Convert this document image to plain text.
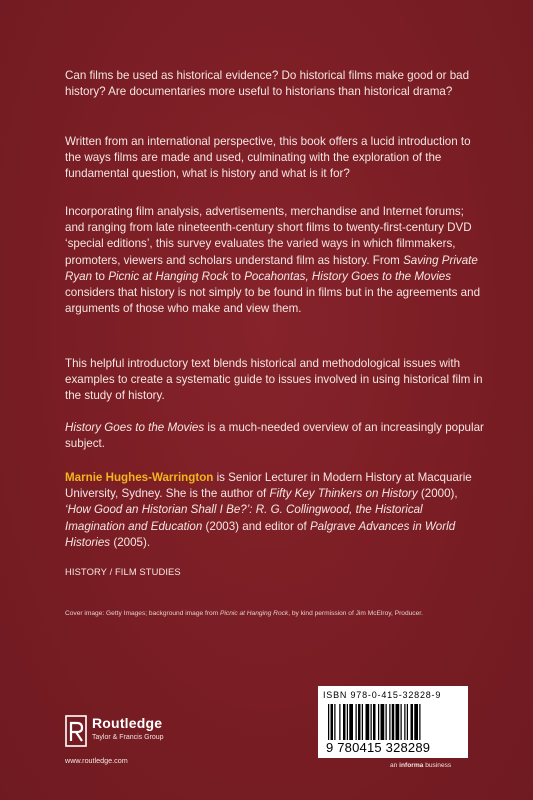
Can films be used as historical evidence? Do historical films make good or bad history? Are documentaries more useful to historians than historical drama?

Written from an international perspective, this book offers a lucid introduction to the ways films are made and used, culminating with the exploration of the fundamental question, what is history and what is it for?

Incorporating film analysis, advertisements, merchandise and Internet forums; and ranging from late nineteenth-century short films to twenty-first-century DVD ‘special editions’, this survey evaluates the varied ways in which filmmakers, promoters, viewers and scholars understand film as history. From Saving Private Ryan to Picnic at Hanging Rock to Pocahontas, History Goes to the Movies considers that history is not simply to be found in films but in the agreements and arguments of those who make and view them.

This helpful introductory text blends historical and methodological issues with examples to create a systematic guide to issues involved in using historical film in the study of history.

History Goes to the Movies is a much-needed overview of an increasingly popular subject.

Marnie Hughes-Warrington is Senior Lecturer in Modern History at Macquarie University, Sydney. She is the author of Fifty Key Thinkers on History (2000), ‘How Good an Historian Shall I Be?’: R. G. Collingwood, the Historical Imagination and Education (2003) and editor of Palgrave Advances in World Histories (2005).

HISTORY / FILM STUDIES
Cover image: Getty Images; background image from Picnic at Hanging Rock, by kind permission of Jim McElroy, Producer.
Routledge
Taylor & Francis Group
www.routledge.com
ISBN 978-0-415-32828-9
9 780415 328289
an informa business
